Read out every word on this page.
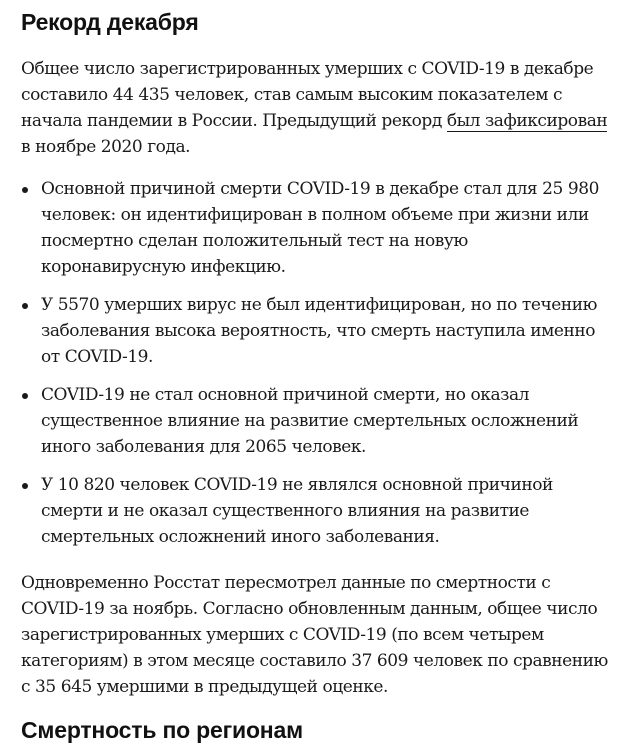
Рекорд декабря

Общее число зарегистрированных умерших с COVID-19 в декабре составило 44 435 человек, став самым высоким показателем с начала пандемии в России. Предыдущий рекорд был зафиксирован в ноябре 2020 года.

Основной причиной смерти COVID-19 в декабре стал для 25 980 человек: он идентифицирован в полном объеме при жизни или посмертно сделан положительный тест на новую коронавирусную инфекцию.
У 5570 умерших вирус не был идентифицирован, но по течению заболевания высока вероятность, что смерть наступила именно от COVID-19.
COVID-19 не стал основной причиной смерти, но оказал существенное влияние на развитие смертельных осложнений иного заболевания для 2065 человек.
У 10 820 человек COVID-19 не являлся основной причиной смерти и не оказал существенного влияния на развитие смертельных осложнений иного заболевания.

Одновременно Росстат пересмотрел данные по смертности с COVID-19 за ноябрь. Согласно обновленным данным, общее число зарегистрированных умерших с COVID-19 (по всем четырем категориям) в этом месяце составило 37 609 человек по сравнению с 35 645 умершими в предыдущей оценке.

Смертность по регионам
